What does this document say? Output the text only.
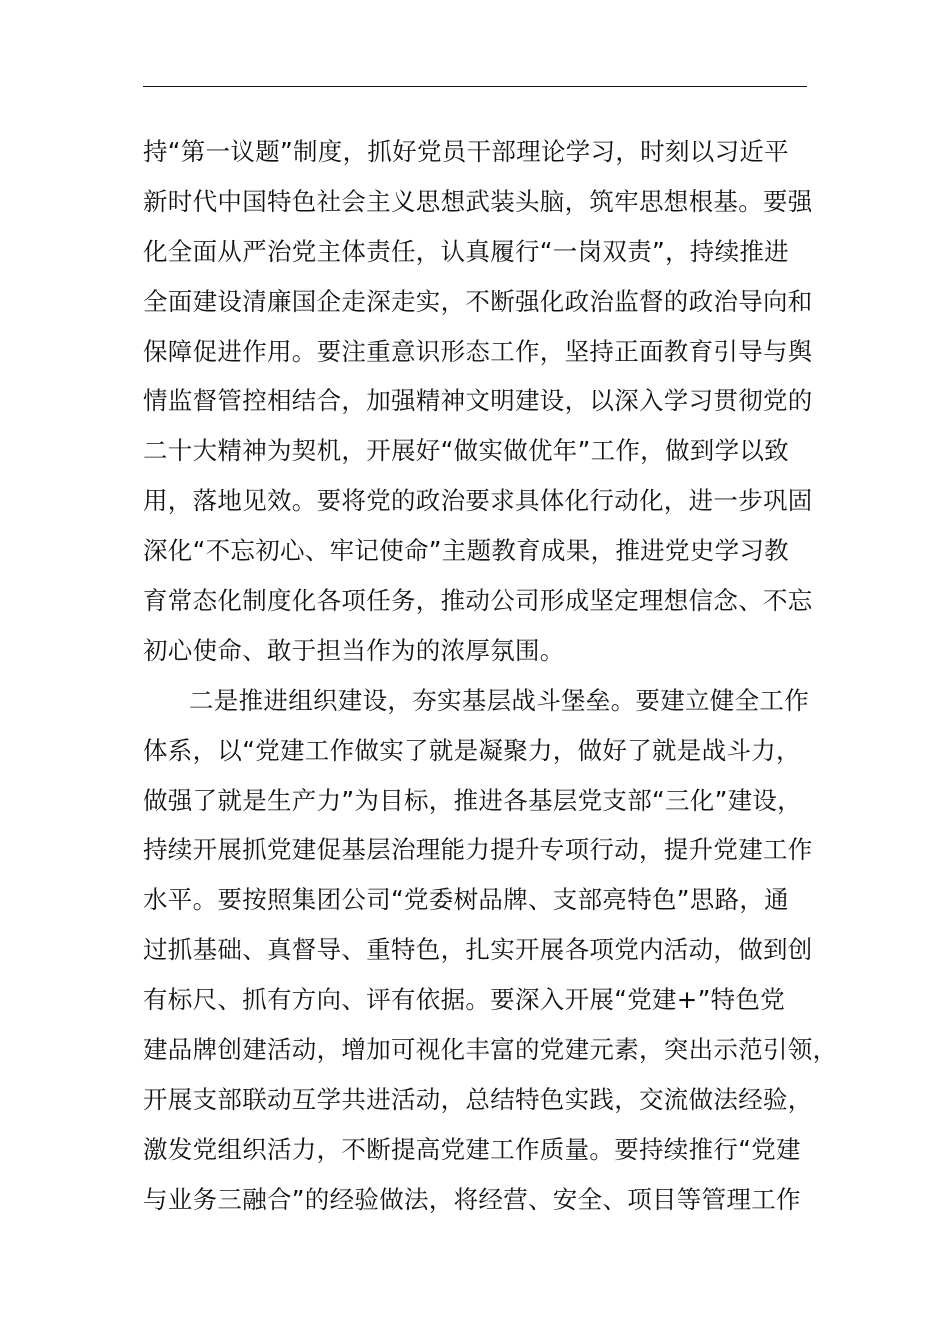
持“第一议题”制度，抓好党员干部理论学习，时刻以习近平
新时代中国特色社会主义思想武装头脑，筑牢思想根基。要强
化全面从严治党主体责任，认真履行“一岗双责”，持续推进
全面建设清廉国企走深走实，不断强化政治监督的政治导向和
保障促进作用。要注重意识形态工作，坚持正面教育引导与舆
情监督管控相结合，加强精神文明建设，以深入学习贯彻党的
二十大精神为契机，开展好“做实做优年”工作，做到学以致
用，落地见效。要将党的政治要求具体化行动化，进一步巩固
深化“不忘初心、牢记使命”主题教育成果，推进党史学习教
育常态化制度化各项任务，推动公司形成坚定理想信念、不忘
初心使命、敢于担当作为的浓厚氛围。
二是推进组织建设，夯实基层战斗堡垒。要建立健全工作
体系，以“党建工作做实了就是凝聚力，做好了就是战斗力，
做强了就是生产力”为目标，推进各基层党支部“三化”建设，
持续开展抓党建促基层治理能力提升专项行动，提升党建工作
水平。要按照集团公司“党委树品牌、支部亮特色”思路，通
过抓基础、真督导、重特色，扎实开展各项党内活动，做到创
有标尺、抓有方向、评有依据。要深入开展“党建+”特色党
建品牌创建活动，增加可视化丰富的党建元素，突出示范引领，
开展支部联动互学共进活动，总结特色实践，交流做法经验，
激发党组织活力，不断提高党建工作质量。要持续推行“党建
与业务三融合”的经验做法，将经营、安全、项目等管理工作
